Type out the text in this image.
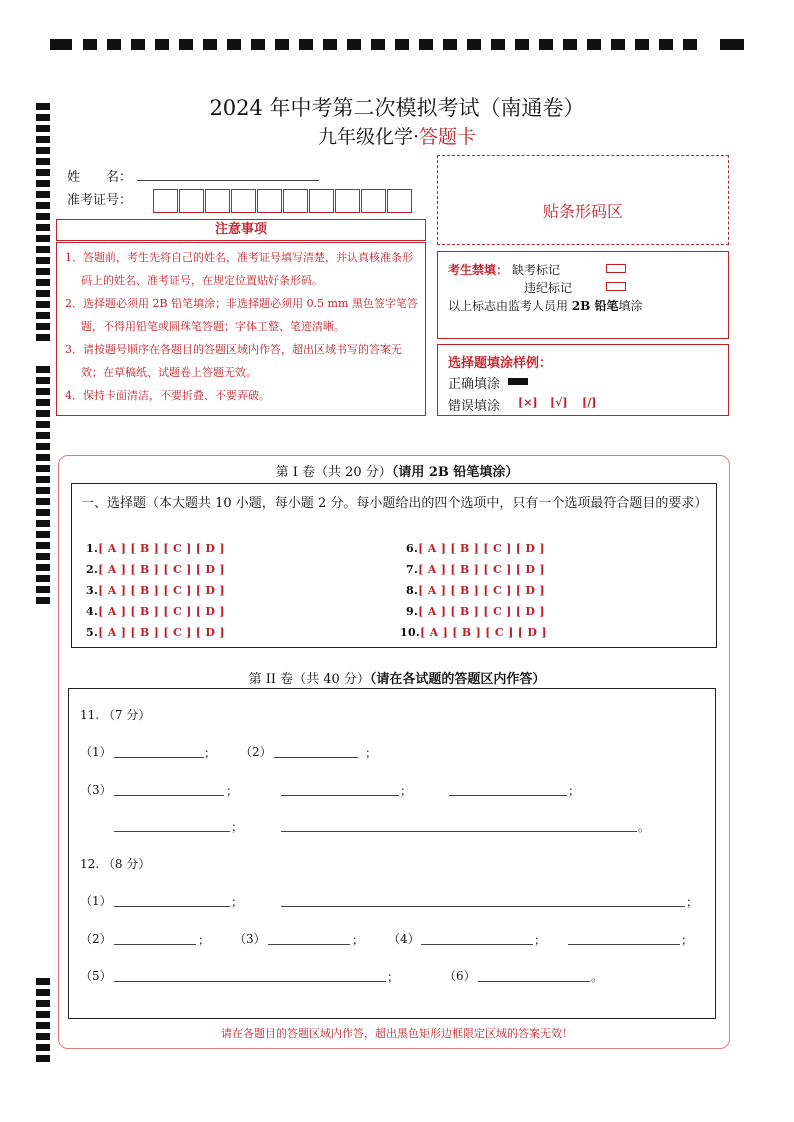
2024 年中考第二次模拟考试（南通卷）
九年级化学·答题卡
姓　　名：
准考证号：
注意事项
1．答题前，考生先将自己的姓名，准考证号填写清楚，并认真核准条形码上的姓名、准考证号，在规定位置贴好条形码。
2．选择题必须用 2B 铅笔填涂；非选择题必须用 0.5 mm 黑色签字笔答题，不得用铅笔或圆珠笔答题；字体工整、笔迹清晰。
3．请按题号顺序在各题目的答题区域内作答，超出区域书写的答案无效；在草稿纸、试题卷上答题无效。
4．保持卡面清洁，不要折叠、不要弄破。
贴条形码区
考生禁填： 缺考标记
违纪标记
以上标志由监考人员用 2B 铅笔填涂
选择题填涂样例：
正确填涂
错误填涂 [×] [√] [/]
第 I 卷（共 20 分）（请用 2B 铅笔填涂）
一、选择题（本大题共 10 小题，每小题 2 分。每小题给出的四个选项中，只有一个选项最符合题目的要求）
1.[ A ] [ B ] [ C ] [ D ]
2.[ A ] [ B ] [ C ] [ D ]
3.[ A ] [ B ] [ C ] [ D ]
4.[ A ] [ B ] [ C ] [ D ]
5.[ A ] [ B ] [ C ] [ D ]
6.[ A ] [ B ] [ C ] [ D ]
7.[ A ] [ B ] [ C ] [ D ]
8.[ A ] [ B ] [ C ] [ D ]
9.[ A ] [ B ] [ C ] [ D ]
10.[ A ] [ B ] [ C ] [ D ]
第 II 卷（共 40 分）（请在各试题的答题区内作答）
11. （7 分）
（1）	； （2）	；
（3）	；	；	；
；	。
12. （8 分）
（1）	；	；
（2）	； （3）	； （4）	；	；
（5）	；	（6）	。
请在各题目的答题区域内作答，超出黑色矩形边框限定区域的答案无效！
